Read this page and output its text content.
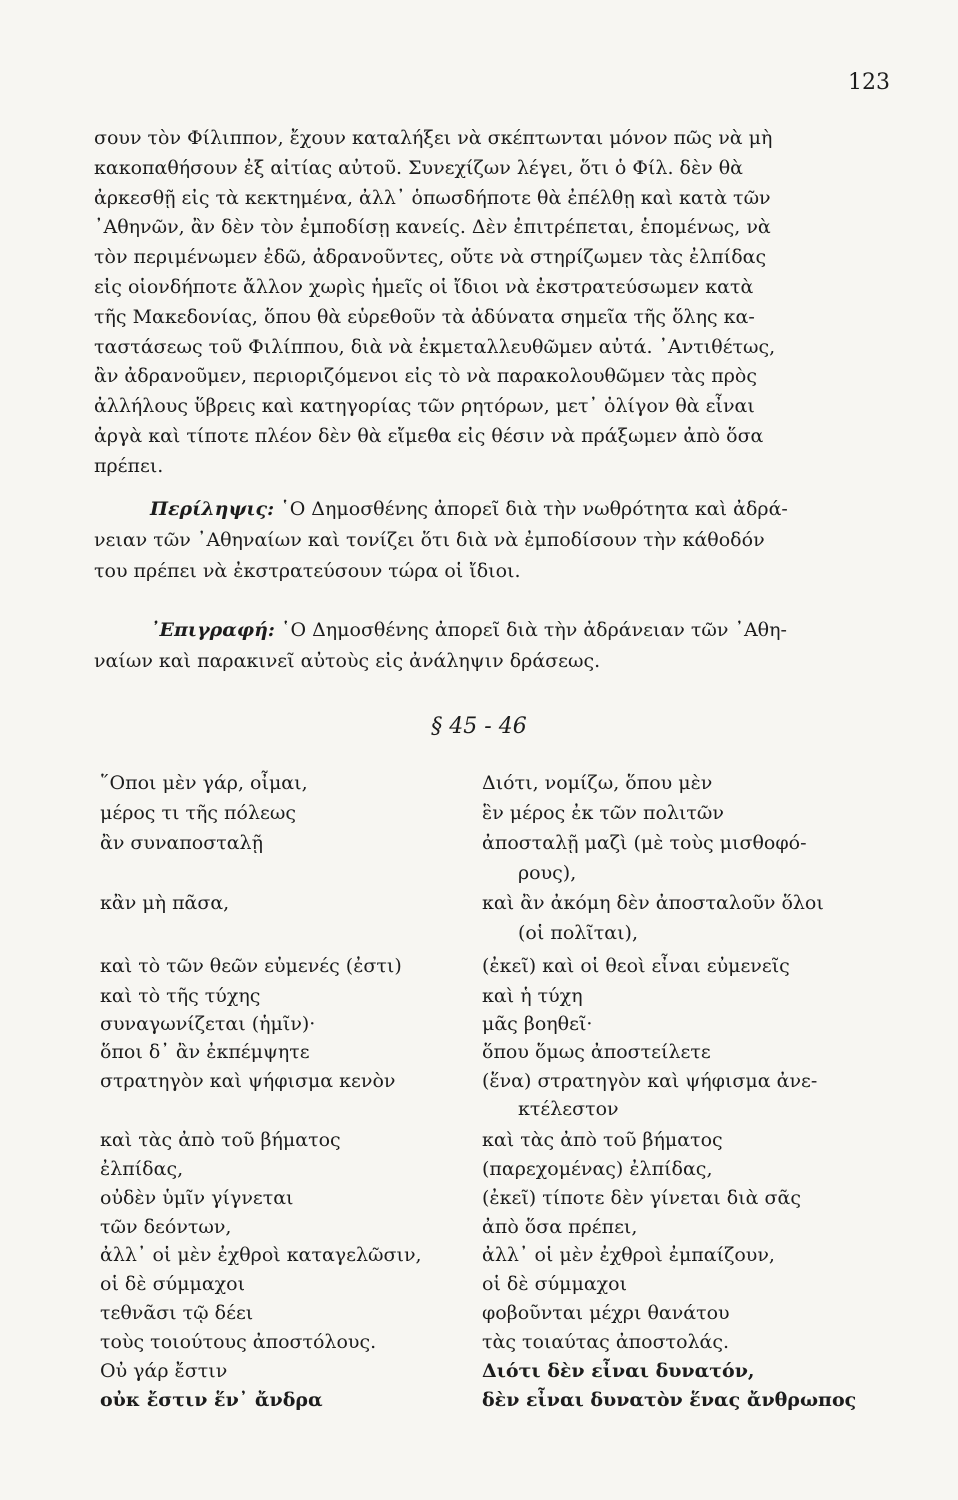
123
σουν τὸν Φίλιππον, ἔχουν καταλήξει νὰ σκέπτωνται μόνον πῶς νὰ μὴ
κακοπαθήσουν ἐξ αἰτίας αὐτοῦ. Συνεχίζων λέγει, ὅτι ὁ Φίλ. δὲν θὰ
ἀρκεσθῇ εἰς τὰ κεκτημένα, ἀλλ᾿ ὁπωσδήποτε θὰ ἐπέλθῃ καὶ κατὰ τῶν
᾿Αθηνῶν, ἂν δὲν τὸν ἐμποδίσῃ κανείς. Δὲν ἐπιτρέπεται, ἑπομένως, νὰ
τὸν περιμένωμεν ἐδῶ, ἀδρανοῦντες, οὔτε νὰ στηρίζωμεν τὰς ἐλπίδας
εἰς οἱονδήποτε ἄλλον χωρὶς ἡμεῖς οἱ ἴδιοι νὰ ἐκστρατεύσωμεν κατὰ
τῆς Μακεδονίας, ὅπου θὰ εὑρεθοῦν τὰ ἀδύνατα σημεῖα τῆς ὅλης κα-
ταστάσεως τοῦ Φιλίππου, διὰ νὰ ἐκμεταλλευθῶμεν αὐτά. ᾿Αντιθέτως,
ἂν ἀδρανοῦμεν, περιοριζόμενοι εἰς τὸ νὰ παρακολουθῶμεν τὰς πρὸς
ἀλλήλους ὕβρεις καὶ κατηγορίας τῶν ρητόρων, μετ᾿ ὀλίγον θὰ εἶναι
ἀργὰ καὶ τίποτε πλέον δὲν θὰ εἴμεθα εἰς θέσιν νὰ πράξωμεν ἀπὸ ὅσα
πρέπει.
Περίληψις: ῾Ο Δημοσθένης ἀπορεῖ διὰ τὴν νωθρότητα καὶ ἀδρά-
νειαν τῶν ᾿Αθηναίων καὶ τονίζει ὅτι διὰ νὰ ἐμποδίσουν τὴν κάθοδόν
του πρέπει νὰ ἐκστρατεύσουν τώρα οἱ ἴδιοι.
᾿Επιγραφή: ῾Ο Δημοσθένης ἀπορεῖ διὰ τὴν ἀδράνειαν τῶν ᾿Αθη-
ναίων καὶ παρακινεῖ αὐτοὺς εἰς ἀνάληψιν δράσεως.
§ 45 - 46
῞Οποι μὲν γάρ, οἶμαι,
μέρος τι τῆς πόλεως
ἂν συναποσταλῇ
κἂν μὴ πᾶσα,
καὶ τὸ τῶν θεῶν εὐμενές (ἐστι)
καὶ τὸ τῆς τύχης
συναγωνίζεται (ἡμῖν)·
ὅποι δ᾿ ἂν ἐκπέμψητε
στρατηγὸν καὶ ψήφισμα κενὸν
καὶ τὰς ἀπὸ τοῦ βήματος
ἐλπίδας,
οὐδὲν ὑμῖν γίγνεται
τῶν δεόντων,
ἀλλ᾿ οἱ μὲν ἐχθροὶ καταγελῶσιν,
οἱ δὲ σύμμαχοι
τεθνᾶσι τῷ δέει
τοὺς τοιούτους ἀποστόλους.
Οὐ γάρ ἔστιν
οὐκ ἔστιν ἕν᾿ ἄνδρα
Διότι, νομίζω, ὅπου μὲν
ἓν μέρος ἐκ τῶν πολιτῶν
ἀποσταλῇ μαζὶ (μὲ τοὺς μισθοφό-
ρους),
καὶ ἂν ἀκόμη δὲν ἀποσταλοῦν ὅλοι
(οἱ πολῖται),
(ἐκεῖ) καὶ οἱ θεοὶ εἶναι εὐμενεῖς
καὶ ἡ τύχη
μᾶς βοηθεῖ·
ὅπου ὅμως ἀποστείλετε
(ἕνα) στρατηγὸν καὶ ψήφισμα ἀνε-
κτέλεστον
καὶ τὰς ἀπὸ τοῦ βήματος
(παρεχομένας) ἐλπίδας,
(ἐκεῖ) τίποτε δὲν γίνεται διὰ σᾶς
ἀπὸ ὅσα πρέπει,
ἀλλ᾿ οἱ μὲν ἐχθροὶ ἐμπαίζουν,
οἱ δὲ σύμμαχοι
φοβοῦνται μέχρι θανάτου
τὰς τοιαύτας ἀποστολάς.
Διότι δὲν εἶναι δυνατόν,
δὲν εἶναι δυνατὸν ἕνας ἄνθρωπος
